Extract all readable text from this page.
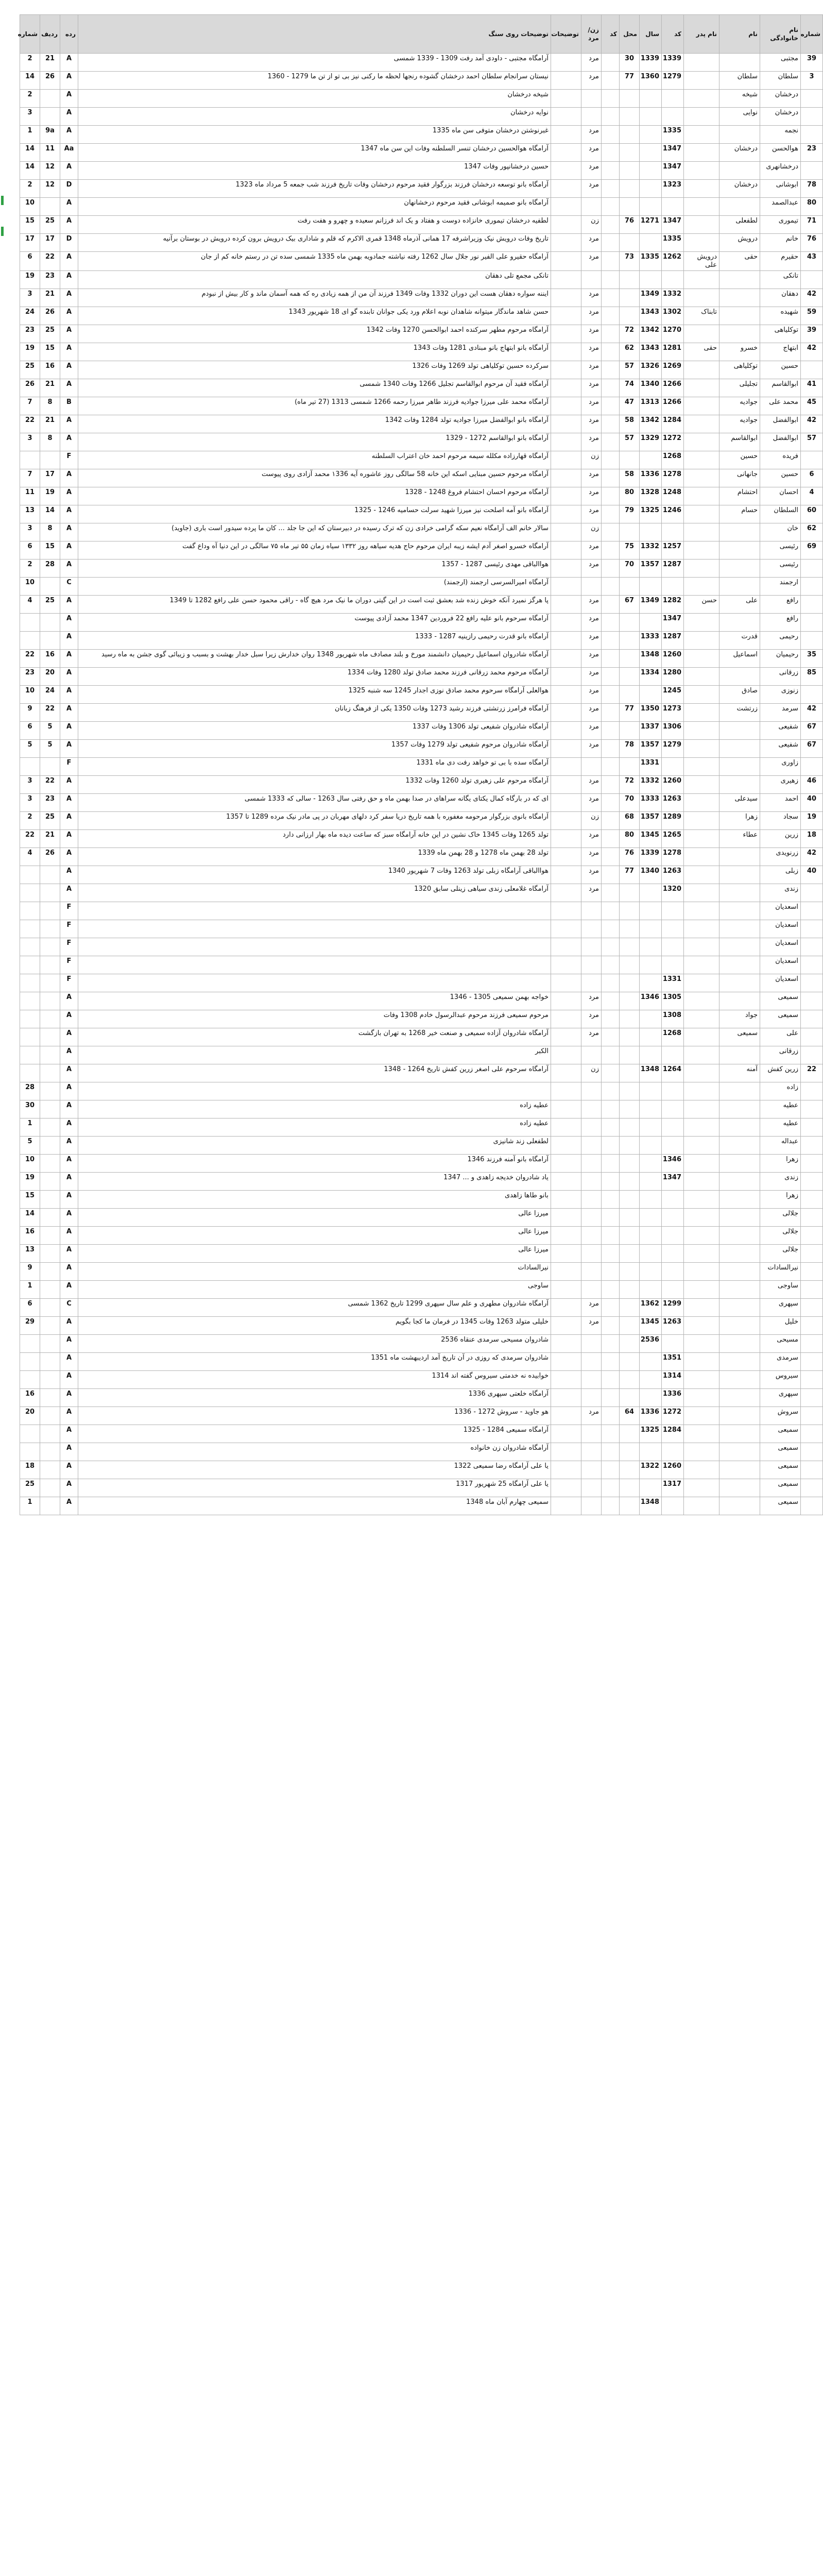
شماره	نام خانوادگی	نام	نام پدر	کد	سال	محل	کد	زن/مرد	توضیحات	توضیحات روی سنگ	رده	ردیف	شماره
39	مجتبی			1339	1339	30		مرد		آرامگاه مجتبی - داودی آمد رفت 1309 - 1339 شمسی	A	21	2
3	سلطان	سلطان		1279	1360	77		مرد		نیستان سرانجام سلطان احمد درخشان گشوده رنجها لحظه ما رکنی نیز بی تو از تن ما 1279 - 1360	A	26	14
	درخشان	شیخه								شیخه درخشان	A		2
	درخشان	نوایی								نوایه درخشان	A		3
	نجمه			1335				مرد		غبرنوشتن درخشان متوفی سن ماه 1335	A	9a	1
23	هوالحسن	درخشان		1347				مرد		آرامگاه هوالحسین درخشان تنسر السلطنه وفات این سن ماه 1347	Aa	11	14
	درخشانهری			1347				مرد		حسین درخشانپور وفات 1347	A	12	14
78	ابوشانی	درخشان		1323				مرد		آرامگاه بانو توسعه درخشان فرزند بزرگوار فقید مرحوم درخشان وفات تاریخ فرزند شب جمعه 5 مرداد ماه 1323	D	12	2
80	عبدالصمد									آرامگاه بانو صمیمه ابوشانی فقید مرحوم درخشانهان	A		10
71	تیموری	لطفعلی		1347	1271	76		زن		لطفیه درخشان تیموری خانزاده دوست و هفتاد و یک اند فرزانم سعیده و چهرو و هفت رفت	A	25	15
76	خانم	درویش		1335				مرد		تاریخ وفات درویش نیک وزیراشرفه 17 همانی آذرماه 1348 قمری الاکرم که قلم و شاداری بیک درویش برون کرده درویش در بوستان برآنیه	D	17	17
43	حقیرم	حقی	درویش علی	1262	1335	73		مرد		آرامگاه حقیرو علی الفیر نور جلال سال 1262 رفته نیاشته جمادویه بهمن ماه 1335 شمسی سده تن در رستم خانه کم از جان	A	22	6
	تانکی									تانکی مجمع تلی دهقان	A	23	19
42	دهقان			1332	1349			مرد		ایننه سواره دهقان هست این دوران 1332 وفات 1349 فرزند آن من از همه زیادی ره که همه آسمان ماند و کار بیش از نبودم	A	21	3
59	شهیده		تابناک	1302	1343			مرد		حسن شاهد ماندگار میتوانه شاهدان نوبه اعلام ورد یکی جوانان تابنده گو ای 18 شهریور 1343	A	26	24
39	توکلیاهی			1270	1342	72		مرد		آرامگاه مرحوم مطهر سرکنده احمد ابوالحسن 1270 وفات 1342	A	25	23
42	ابتهاج	خسرو	حقی	1281	1343	62		مرد		آرامگاه بانو ابتهاج بانو مبنادی 1281 وفات 1343	A	15	19
	حسین	توکلیاهی		1269	1326	57		مرد		سرکرده حسین توکلیاهی تولد 1269 وفات 1326	A	16	25
41	ابوالقاسم	تجلیلی		1266	1340	74		مرد		آرامگاه فقید آن مرحوم ابوالقاسم تجلیل 1266 وفات 1340 شمسی	A	21	26
45	محمد علی	جوادیه		1266	1313	47		مرد		آرامگاه محمد علی میرزا جوادیه فرزند طاهر میرزا رحمه 1266 شمسی 1313 (27 تیر ماه)	B	8	7
42	ابوالفضل	جوادیه		1284	1342	58		مرد		آرامگاه بانو ابوالفضل میرزا جوادیه تولد 1284 وفات 1342	A	21	22
57	ابوالفضل	ابوالقاسم		1272	1329	57		مرد		آرامگاه بانو ابوالقاسم 1272 - 1329	A	8	3
	فریده	حسین		1268				زن		آرامگاه قهارزاده مکلله سیمه مرحوم احمد خان اعتراب السلطنه	F		
6	حسین	جانهانی		1278	1336	58		مرد		آرامگاه مرحوم حسین مبنایی اسکه این خانه 58 سالگی روز عاشوره آیه ۱336 محمد آزادی روی پیوست	A	17	7
4	احسان	احتشام		1248	1328	80		مرد		آرامگاه مرحوم احسان احتشام فروغ 1248 - 1328	A	19	11
60	السلطان	حسام		1246	1325	79		مرد		آرامگاه بانو آمه اصلحت نیز میرزا شهید سرلت حسامیه 1246 - 1325	A	14	13
62	خان							زن		سالار خانم الف آرامگاه نعیم سکه گرامی خرادی زن که ترک رسیده در دبیرستان که این جا جلد ... کان ما پرده سیدور است باری (جاوید)	A	8	3
69	رئیسی			1257	1332	75		مرد		آرامگاه خسرو اصغر آدم ایشه زیبه ایران مرحوم حاج هدیه سیاهه روز ۱۳۳۲ سیاه زمان ۵۵ تیر ماه ۷۵ سالگی در این دنیا آه وداع گفت	A	15	6
	رئیسی			1287	1357	70		مرد		هواالباقی مهدی رئیسی 1287 - 1357	A	28	2
	ارجمند									آرامگاه امیرالسرسی ارجمند (ارجمند)	C		10
	رافع	علی	حسن	1282	1349	67		مرد		پا هرگز نمیرد آنکه خوش زنده شد بعشق ثبت است در این گیتی دوران ما نیک مرد هیچ گاه - راقی محمود حسن علی رافع 1282 تا 1349	A	25	4
	رافع			1347				مرد		آرامگاه سرحوم بانو علیه رافع 22 فروردین 1347 محمد آزادی پیوست	A		
	رحیمی	قدرت		1287	1333			مرد		آرامگاه بانو قدرت رحیمی رازینیه 1287 - 1333	A		
35	رحیمیان	اسماعیل		1260	1348			مرد		آرامگاه شادروان اسماعیل رحیمیان دانشمند مورخ و بلند مصادف ماه شهریور 1348 روان خدارش زیرا سبل خدار بهشت و بسبب و زیبائی گوی جشن به ماه رسید	A	16	22
85	زرقانی			1280	1334			مرد		آرامگاه مرحوم محمد زرقانی فرزند محمد صادق تولد 1280 وفات 1334	A	20	23
	زنوزی	صادق		1245				مرد		هوالعلی آرامگاه سرحوم محمد صادق نوزی اجدار 1245 سه شنبه 1325	A	24	10
42	سرمد	زرتشت		1273	1350	77		مرد		آرامگاه فرامرز زرتشتی فرزند رشید 1273 وفات 1350 یکی از فرهنگ زبانان	A	22	9
67	شفیعی			1306	1337			مرد		آرامگاه شادروان شفیعی تولد 1306 وفات 1337	A	5	6
67	شفیعی			1279	1357	78		مرد		آرامگاه شادروان مرحوم شفیعی تولد 1279 وفات 1357	A	5	5
	زاوری				1331					آرامگاه سده با بی تو خواهد رفت دی ماه 1331	F		
46	زهیری			1260	1332	72		مرد		آرامگاه مرحوم علی زهیری تولد 1260 وفات 1332	A	22	3
40	احمد	سیدعلی		1263	1333	70		مرد		ای که در بارگاه کمال یکتای یگانه سراهای در صدا بهمن ماه و حق رفتی سال 1263 - سالی که 1333 شمسی	A	23	3
19	سجاد	زهرا		1289	1357	68		زن		آرامگاه بانوی بزرگوار مرحومه مغفوره با همه تاریخ دریا سفر کرد دلهای مهربان در پی مادر نیک مرده 1289 تا 1357	A	25	2
18	زرین	عطاء		1265	1345	80		مرد		تولد 1265 وفات 1345 خاک نشین در این خانه آرامگاه سبز که ساعت دیده ماه بهار ارزانی دارد	A	21	22
42	زرنویدی			1278	1339	76		مرد		تولد 28 بهمن ماه 1278 و 28 بهمن ماه 1339	A	26	4
40	زبلی			1263	1340	77		مرد		هواالباقی آرامگاه زبلی تولد 1263 وفات 7 شهریور 1340	A		
	زندی			1320				مرد		آرامگاه غلامعلی زندی سیاهی زینلی سابق 1320	A		
	اسعدیان										F		
	اسعدیان										F		
	اسعدیان										F		
	اسعدیان										F		
	اسعدیان			1331							F		
	سمیعی			1305	1346			مرد		خواجه بهمن سمیعی 1305 - 1346	A		
	سمیعی	جواد		1308				مرد		مرحوم سمیعی فرزند مرحوم عبدالرسول خادم 1308 وفات	A		
	علی	سمیعی		1268				مرد		آرامگاه شادروان آزاده سمیعی و صنعت خیر 1268 به تهران بازگشت	A		
	زرقانی									الکبر	A		
22	زرین کفش	آمنه		1264	1348			زن		آرامگاه سرحوم علی اصغر زرین کفش تاریخ 1264 - 1348	A		
	زاده										A		28
	عطیه									عطیه زاده	A		30
	عطیه									عطیه زاده	A		1
	عبداله									لطفعلی زند شانیزی	A		5
	زهرا			1346						آرامگاه بانو آمنه فرزند 1346	A		10
	زندی			1347						یاد شادروان خدیجه زاهدی و ... 1347	A		19
	زهرا									بانو طاها زاهدی	A		15
	جلالی									میرزا عالی	A		14
	جلالی									میرزا عالی	A		16
	جلالی									میرزا عالی	A		13
	نیرالسادات									نیرالسادات	A		9
	ساوجی									ساوجی	A		1
	سپهری			1299	1362			مرد		آرامگاه شادروان مطهری و علم سال سپهری 1299 تاریخ 1362 شمسی	C		6
	خلیل			1263	1345			مرد		خلیلی متولد 1263 وفات 1345 در فرمان ما کجا بگویم	A		29
	مسیحی				2536					شادروان مسیحی سرمدی عنقاه 2536	A		
	سرمدی			1351						شادروان سرمدی که روزی در آن تاریخ آمد اردیبهشت ماه 1351	A		
	سیروس			1314						خوابیده نه خدمتی سیروس گفته اند 1314	A		
	سپهری			1336						آرامگاه خلعتی سپهری 1336	A		16
	سروش			1272	1336	64		مرد		هو جاوید - سروش 1272 - 1336	A		20
	سمیعی			1284	1325					آرامگاه سمیعی 1284 - 1325	A		
	سمیعی									آرامگاه شادروان زن خانواده	A		
	سمیعی			1260	1322					یا علی آرامگاه رضا سمیعی 1322	A		18
	سمیعی			1317						یا علی آرامگاه 25 شهریور 1317	A		25
	سمیعی				1348					سمیعی چهارم آبان ماه 1348	A		1
